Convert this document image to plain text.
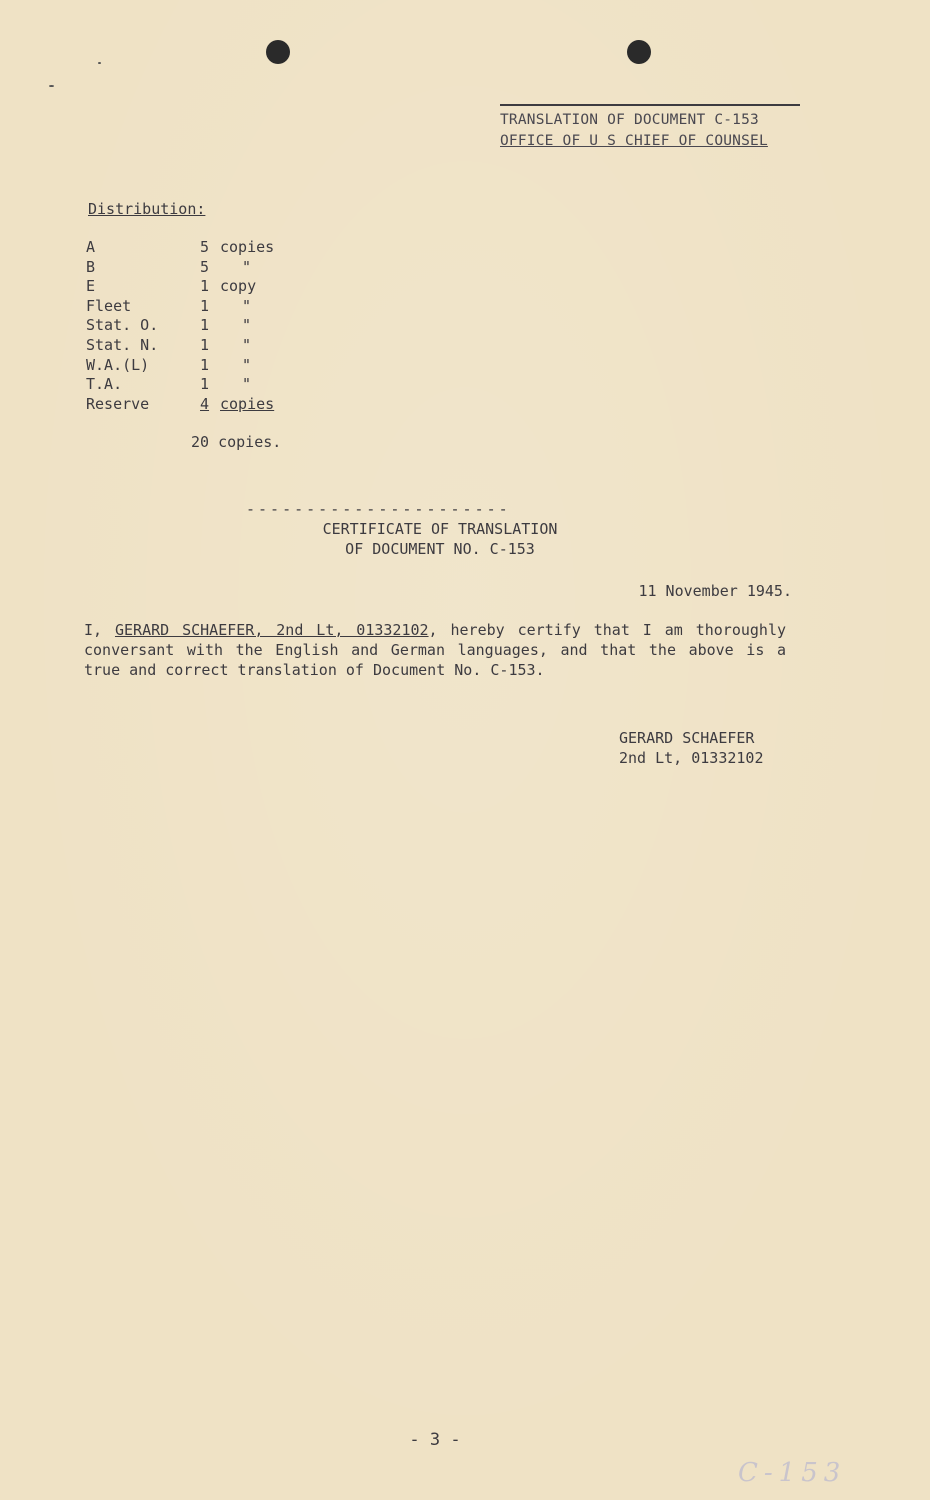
TRANSLATION OF DOCUMENT C-153
OFFICE OF U S CHIEF OF COUNSEL
Distribution:
A	5 copies
B	5	"
E	1 copy
Fleet	1	"
Stat. O.	1	"
Stat. N.	1	"
W.A.(L)	1	"
T.A.	1	"
Reserve	4 copies
20 copies.
----------------------
CERTIFICATE OF TRANSLATION
OF DOCUMENT NO. C-153
11 November 1945.
I, GERARD SCHAEFER, 2nd Lt, 01332102, hereby certify that I am thoroughly conversant with the English and German languages, and that the above is a true and correct translation of Document No. C-153.
GERARD SCHAEFER
2nd Lt, 01332102
- 3 -
C-153
